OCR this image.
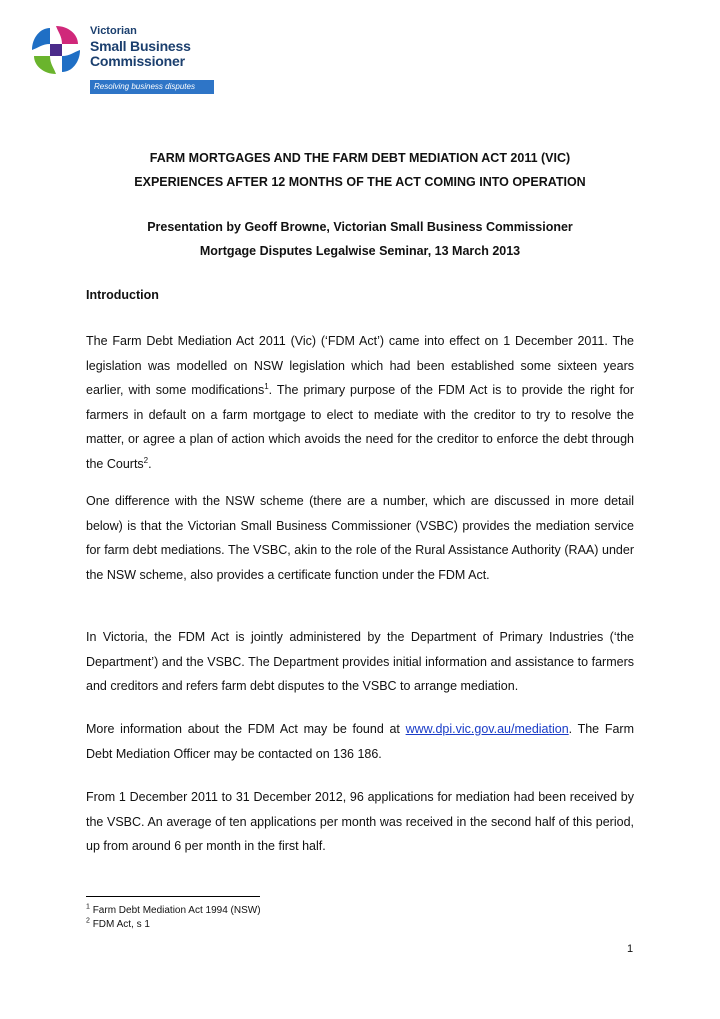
Victorian
Small Business
Commissioner
Resolving business disputes
FARM MORTGAGES AND THE FARM DEBT MEDIATION ACT 2011 (VIC)
EXPERIENCES AFTER 12 MONTHS OF THE ACT COMING INTO OPERATION
Presentation by Geoff Browne, Victorian Small Business Commissioner
Mortgage Disputes Legalwise Seminar, 13 March 2013
Introduction
The Farm Debt Mediation Act 2011 (Vic) (‘FDM Act’) came into effect on 1 December 2011. The legislation was modelled on NSW legislation which had been established some sixteen years earlier, with some modifications$^1$. The primary purpose of the FDM Act is to provide the right for farmers in default on a farm mortgage to elect to mediate with the creditor to try to resolve the matter, or agree a plan of action which avoids the need for the creditor to enforce the debt through the Courts$^2$.
One difference with the NSW scheme (there are a number, which are discussed in more detail below) is that the Victorian Small Business Commissioner (VSBC) provides the mediation service for farm debt mediations. The VSBC, akin to the role of the Rural Assistance Authority (RAA) under the NSW scheme, also provides a certificate function under the FDM Act.
In Victoria, the FDM Act is jointly administered by the Department of Primary Industries (‘the Department’) and the VSBC. The Department provides initial information and assistance to farmers and creditors and refers farm debt disputes to the VSBC to arrange mediation.
More information about the FDM Act may be found at www.dpi.vic.gov.au/mediation. The Farm Debt Mediation Officer may be contacted on 136 186.
From 1 December 2011 to 31 December 2012, 96 applications for mediation had been received by the VSBC. An average of ten applications per month was received in the second half of this period, up from around 6 per month in the first half.
$^1$ Farm Debt Mediation Act 1994 (NSW)
$^2$ FDM Act, s 1
1
